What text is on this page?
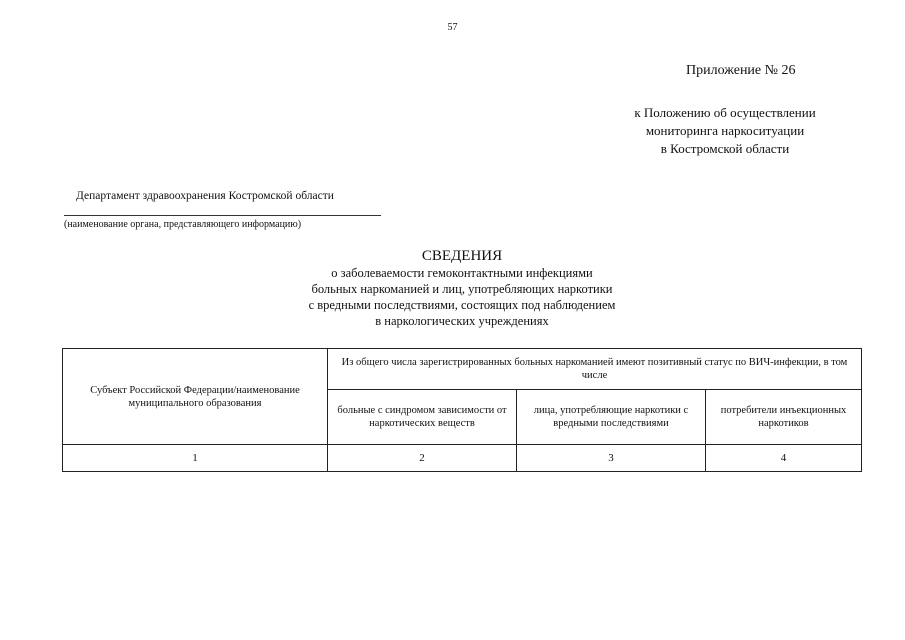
57
Приложение № 26
к Положению об осуществлении
мониторинга наркоситуации
в Костромской области
Департамент здравоохранения Костромской области
(наименование органа, представляющего информацию)
СВЕДЕНИЯ
о заболеваемости гемоконтактными инфекциями
больных наркоманией и лиц, употребляющих наркотики
с вредными последствиями, состоящих под наблюдением
в наркологических учреждениях
Субъект Российской Федерации/наименование муниципального образования	Из общего числа зарегистрированных больных наркоманией имеют позитивный статус по ВИЧ-инфекции, в том числе		
	больные с синдромом зависимости от наркотических веществ	лица, употребляющие наркотики с вредными последствиями	потребители инъекционных наркотиков
1	2	3	4
